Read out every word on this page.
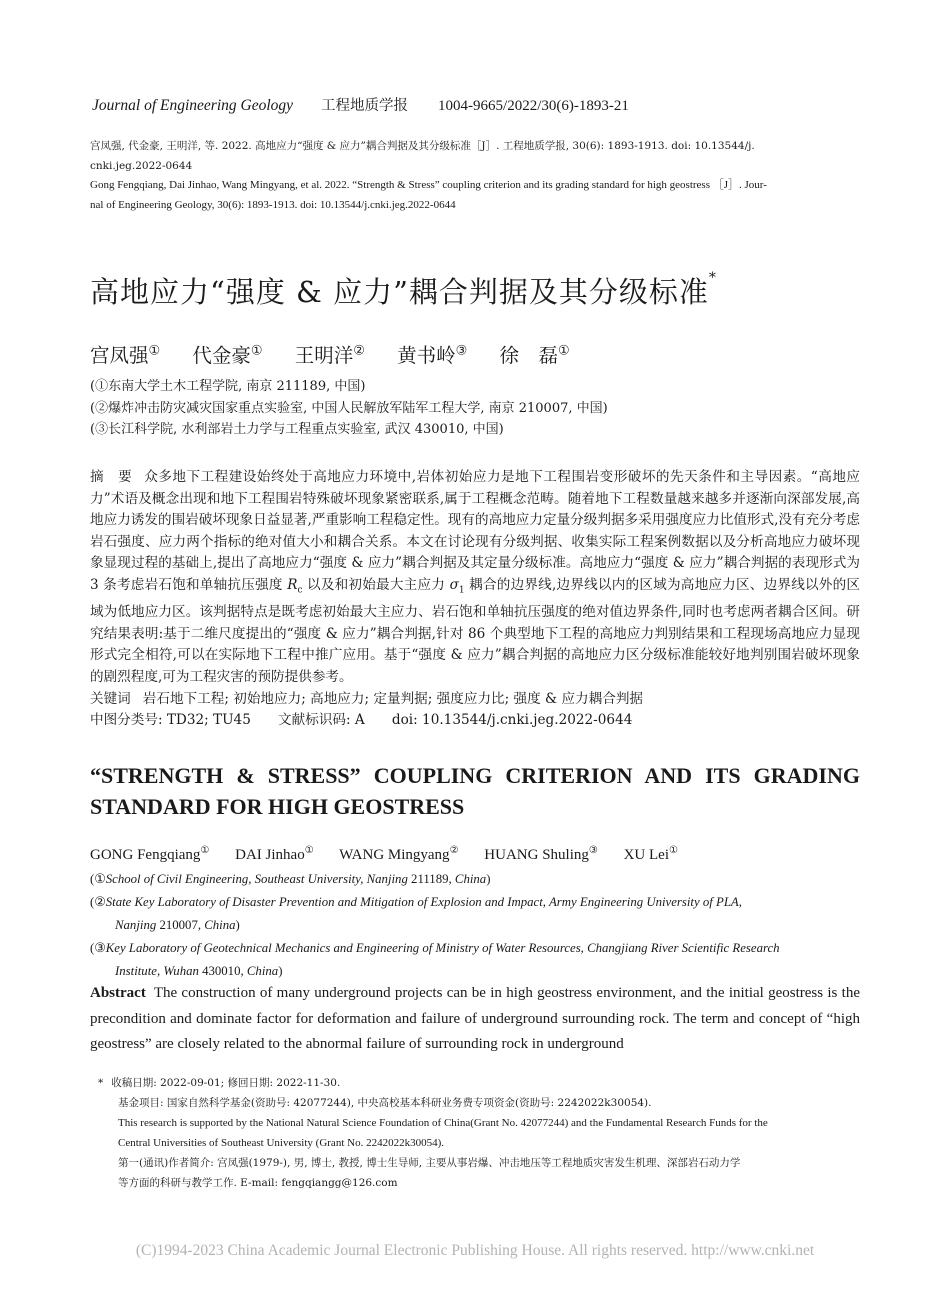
Journal of Engineering Geology 工程地质学报 1004-9665/2022/30(6)-1893-21

宫凤强, 代金豪, 王明洋, 等. 2022. 高地应力“强度 & 应力”耦合判据及其分级标准［J］. 工程地质学报, 30(6): 1893-1913. doi: 10.13544/j.

cnki.jeg.2022-0644

Gong Fengqiang, Dai Jinhao, Wang Mingyang, et al. 2022. “Strength & Stress” coupling criterion and its grading standard for high geostress ［J］. Jour-

nal of Engineering Geology, 30(6): 1893-1913. doi: 10.13544/j.cnki.jeg.2022-0644

高地应力“强度 & 应力”耦合判据及其分级标准*
宫凤强① 代金豪① 王明洋② 黄书岭③ 徐　磊①

(①东南大学土木工程学院, 南京 211189, 中国)

(②爆炸冲击防灾减灾国家重点实验室, 中国人民解放军陆军工程大学, 南京 210007, 中国)

(③长江科学院, 水利部岩土力学与工程重点实验室, 武汉 430010, 中国)

摘　要 众多地下工程建设始终处于高地应力环境中,岩体初始应力是地下工程围岩变形破坏的先天条件和主导因素。“高地应力”术语及概念出现和地下工程围岩特殊破坏现象紧密联系,属于工程概念范畴。随着地下工程数量越来越多并逐渐向深部发展,高地应力诱发的围岩破坏现象日益显著,严重影响工程稳定性。现有的高地应力定量分级判据多采用强度应力比值形式,没有充分考虑岩石强度、应力两个指标的绝对值大小和耦合关系。本文在讨论现有分级判据、收集实际工程案例数据以及分析高地应力破坏现象显现过程的基础上,提出了高地应力“强度 & 应力”耦合判据及其定量分级标准。高地应力“强度 & 应力”耦合判据的表现形式为 3 条考虑岩石饱和单轴抗压强度 $R_c$ 以及和初始最大主应力 $\sigma_1$ 耦合的边界线,边界线以内的区域为高地应力区、边界线以外的区域为低地应力区。该判据特点是既考虑初始最大主应力、岩石饱和单轴抗压强度的绝对值边界条件,同时也考虑两者耦合区间。研究结果表明:基于二维尺度提出的“强度 & 应力”耦合判据,针对 86 个典型地下工程的高地应力判别结果和工程现场高地应力显现形式完全相符,可以在实际地下工程中推广应用。基于“强度 & 应力”耦合判据的高地应力区分级标准能较好地判别围岩破坏现象的剧烈程度,可为工程灾害的预防提供参考。

关键词 岩石地下工程; 初始地应力; 高地应力; 定量判据; 强度应力比; 强度 & 应力耦合判据

中图分类号: TD32; TU45　　文献标识码: A　　doi: 10.13544/j.cnki.jeg.2022-0644

“STRENGTH & STRESS” COUPLING CRITERION AND ITS GRADING
STANDARD FOR HIGH GEOSTRESS
GONG Fengqiang① DAI Jinhao① WANG Mingyang② HUANG Shuling③ XU Lei①

(①School of Civil Engineering, Southeast University, Nanjing 211189, China)

(②State Key Laboratory of Disaster Prevention and Mitigation of Explosion and Impact, Army Engineering University of PLA,

Nanjing 210007, China)

(③Key Laboratory of Geotechnical Mechanics and Engineering of Ministry of Water Resources, Changjiang River Scientific Research

Institute, Wuhan 430010, China)

Abstract The construction of many underground projects can be in high geostress environment, and the initial geostress is the precondition and dominate factor for deformation and failure of underground surrounding rock. The term and concept of “high geostress” are closely related to the abnormal failure of surrounding rock in underground

* 收稿日期: 2022-09-01; 修回日期: 2022-11-30.

基金项目: 国家自然科学基金(资助号: 42077244), 中央高校基本科研业务费专项资金(资助号: 2242022k30054).

This research is supported by the National Natural Science Foundation of China(Grant No. 42077244) and the Fundamental Research Funds for the

Central Universities of Southeast University (Grant No. 2242022k30054).

第一(通讯)作者简介: 宫凤强(1979-), 男, 博士, 教授, 博士生导师, 主要从事岩爆、冲击地压等工程地质灾害发生机理、深部岩石动力学

等方面的科研与教学工作. E-mail: fengqiangg@126.com

(C)1994-2023 China Academic Journal Electronic Publishing House. All rights reserved. http://www.cnki.net
